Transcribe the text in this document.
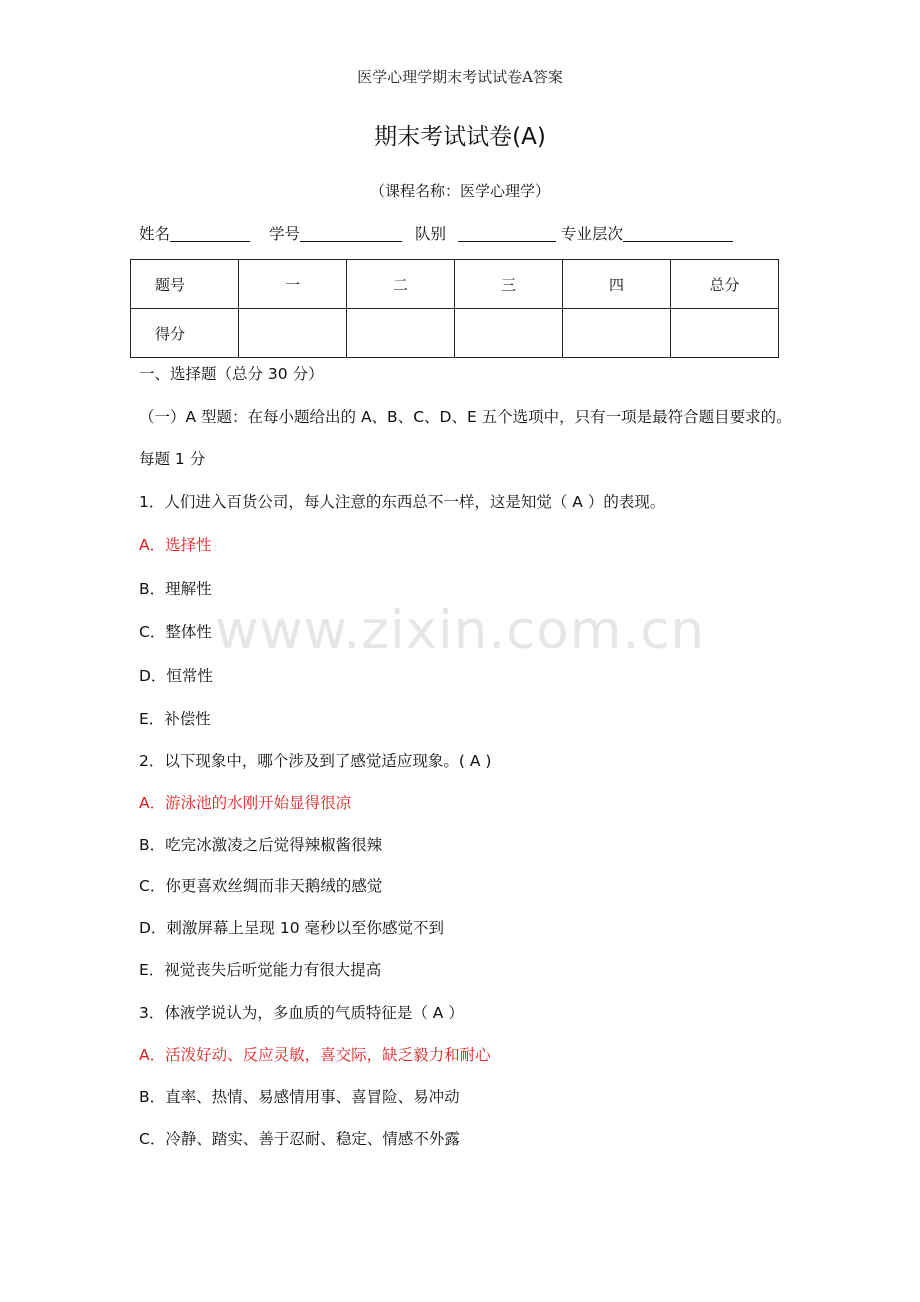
医学心理学期末考试试卷A答案
期末考试试卷(A)
（课程名称：医学心理学）
姓名	学号	队别	专业层次
题号	一	二	三	四	总分
得分					
www.zixin.com.cn
一、选择题（总分 30 分）
（一）A 型题：在每小题给出的 A、B、C、D、E 五个选项中，只有一项是最符合题目要求的。
每题 1 分
1．人们进入百货公司，每人注意的东西总不一样，这是知觉（ A ）的表现。
A．选择性
B．理解性
C．整体性
D．恒常性
E．补偿性
2．以下现象中，哪个涉及到了感觉适应现象。( A )
A．游泳池的水刚开始显得很凉
B．吃完冰激凌之后觉得辣椒酱很辣
C．你更喜欢丝绸而非天鹅绒的感觉
D．刺激屏幕上呈现 10 毫秒以至你感觉不到
E．视觉丧失后听觉能力有很大提高
3．体液学说认为，多血质的气质特征是（ A ）
A．活泼好动、反应灵敏，喜交际，缺乏毅力和耐心
B．直率、热情、易感情用事、喜冒险、易冲动
C．冷静、踏实、善于忍耐、稳定、情感不外露
